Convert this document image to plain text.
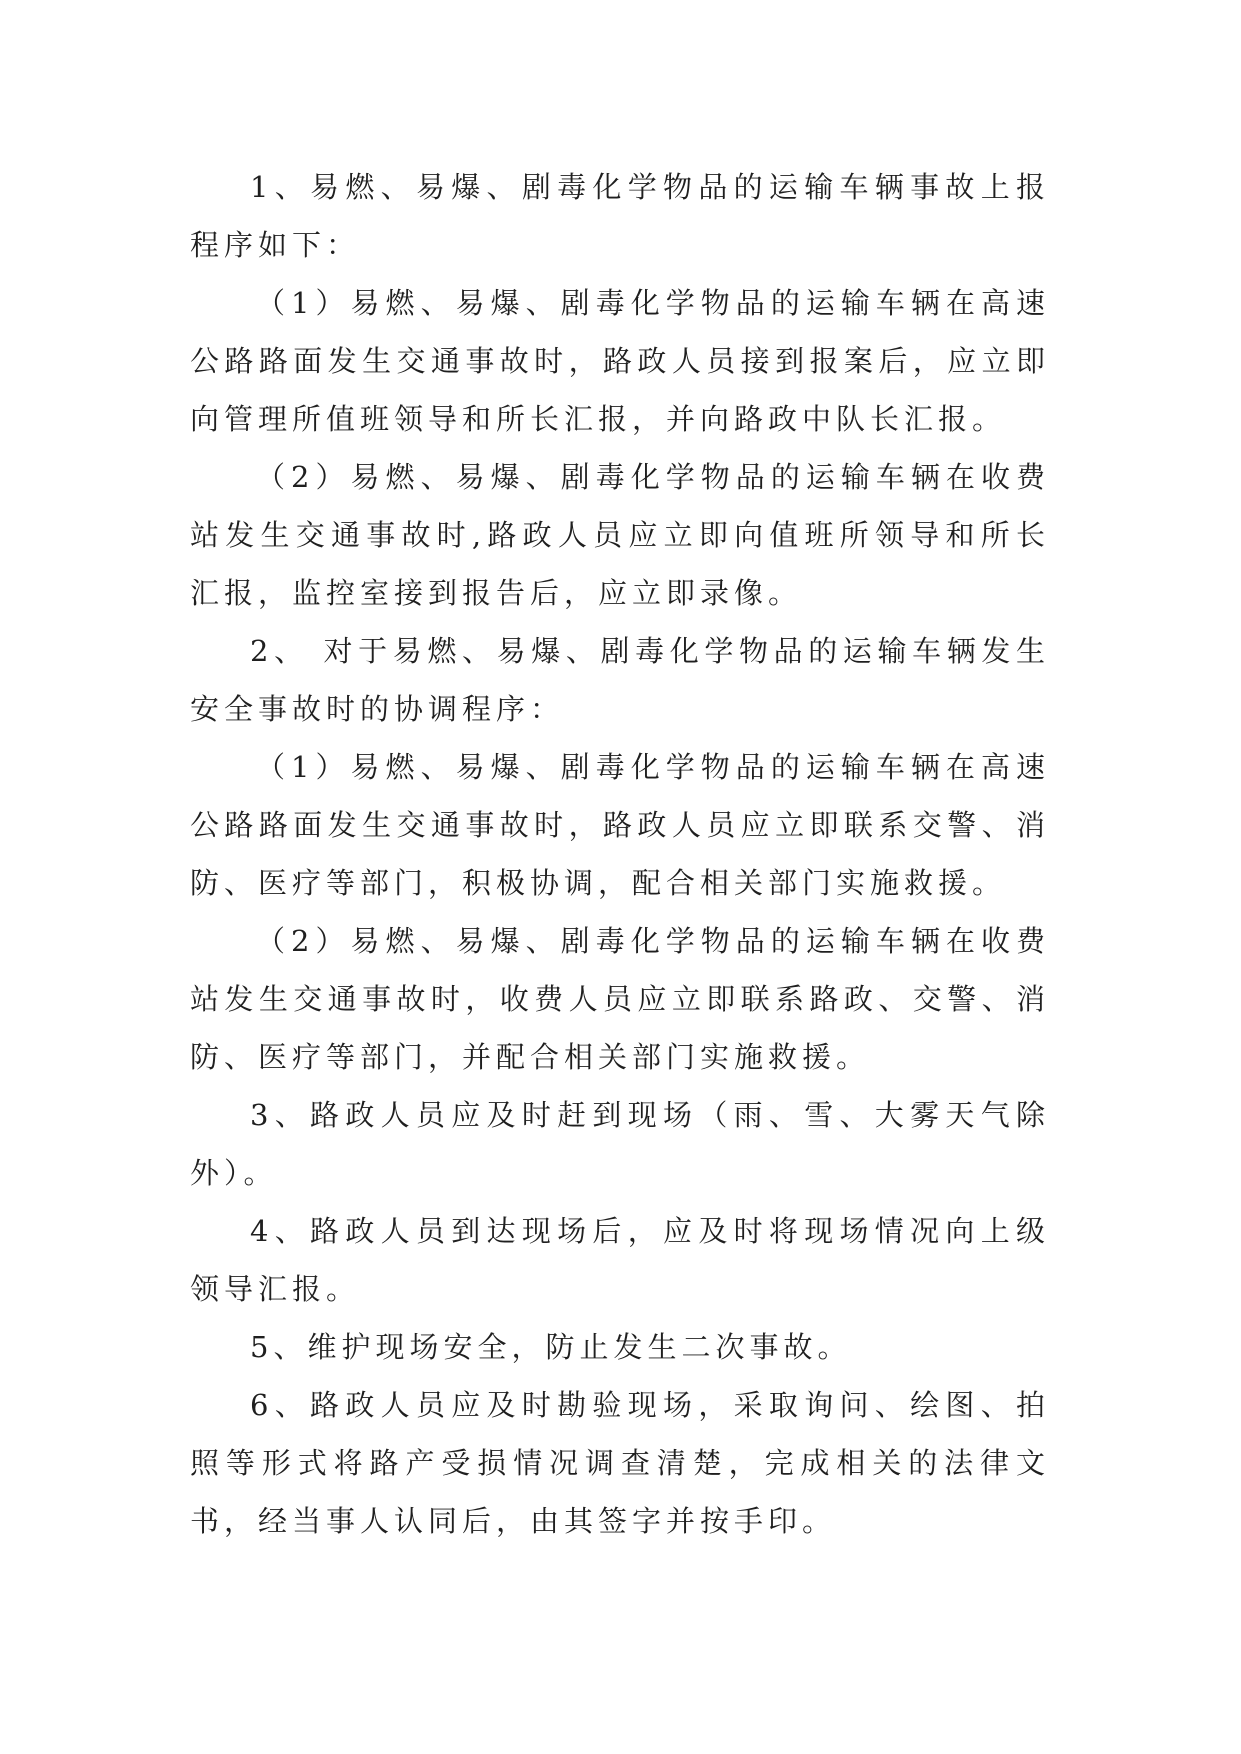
1、易燃、易爆、剧毒化学物品的运输车辆事故上报程序如下：

（1）易燃、易爆、剧毒化学物品的运输车辆在高速公路路面发生交通事故时，路政人员接到报案后，应立即向管理所值班领导和所长汇报，并向路政中队长汇报。

（2）易燃、易爆、剧毒化学物品的运输车辆在收费站发生交通事故时,路政人员应立即向值班所领导和所长汇报，监控室接到报告后，应立即录像。

2、 对于易燃、易爆、剧毒化学物品的运输车辆发生安全事故时的协调程序：

（1）易燃、易爆、剧毒化学物品的运输车辆在高速公路路面发生交通事故时，路政人员应立即联系交警、消防、医疗等部门，积极协调，配合相关部门实施救援。

（2）易燃、易爆、剧毒化学物品的运输车辆在收费站发生交通事故时，收费人员应立即联系路政、交警、消防、医疗等部门，并配合相关部门实施救援。

3、路政人员应及时赶到现场（雨、雪、大雾天气除外）。

4、路政人员到达现场后，应及时将现场情况向上级领导汇报。

5、维护现场安全，防止发生二次事故。

6、路政人员应及时勘验现场，采取询问、绘图、拍照等形式将路产受损情况调查清楚，完成相关的法律文书，经当事人认同后，由其签字并按手印。
